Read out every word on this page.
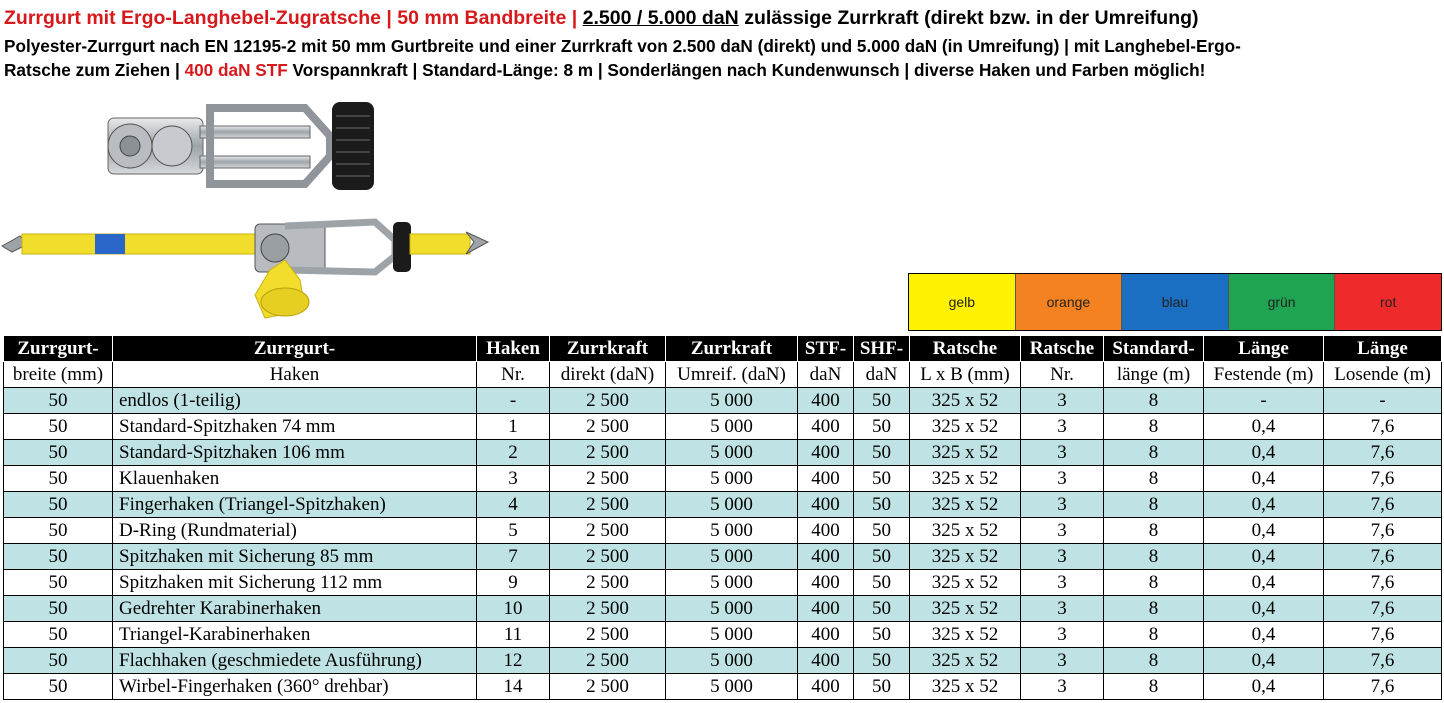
Zurrgurt mit Ergo-Langhebel-Zugratsche | 50 mm Bandbreite | 2.500 / 5.000 daN zulässige Zurrkraft (direkt bzw. in der Umreifung)
Polyester-Zurrgurt nach EN 12195-2 mit 50 mm Gurtbreite und einer Zurrkraft von 2.500 daN (direkt) und 5.000 daN (in Umreifung) | mit Langhebel-Ergo-
Ratsche zum Ziehen | 400 daN STF Vorspannkraft | Standard-Länge: 8 m | Sonderlängen nach Kundenwunsch | diverse Haken und Farben möglich!
gelb	orange	blau	grün	rot
Zurrgurt-	Zurrgurt-	Haken	Zurrkraft	Zurrkraft	STF-	SHF-	Ratsche	Ratsche	Standard-	Länge	Länge
breite (mm)	Haken	Nr.	direkt (daN)	Umreif. (daN)	daN	daN	L x B (mm)	Nr.	länge (m)	Festende (m)	Losende (m)
50	endlos (1-teilig)	-	2 500	5 000	400	50	325 x 52	3	8	-	-
50	Standard-Spitzhaken 74 mm	1	2 500	5 000	400	50	325 x 52	3	8	0,4	7,6
50	Standard-Spitzhaken 106 mm	2	2 500	5 000	400	50	325 x 52	3	8	0,4	7,6
50	Klauenhaken	3	2 500	5 000	400	50	325 x 52	3	8	0,4	7,6
50	Fingerhaken (Triangel-Spitzhaken)	4	2 500	5 000	400	50	325 x 52	3	8	0,4	7,6
50	D-Ring (Rundmaterial)	5	2 500	5 000	400	50	325 x 52	3	8	0,4	7,6
50	Spitzhaken mit Sicherung 85 mm	7	2 500	5 000	400	50	325 x 52	3	8	0,4	7,6
50	Spitzhaken mit Sicherung 112 mm	9	2 500	5 000	400	50	325 x 52	3	8	0,4	7,6
50	Gedrehter Karabinerhaken	10	2 500	5 000	400	50	325 x 52	3	8	0,4	7,6
50	Triangel-Karabinerhaken	11	2 500	5 000	400	50	325 x 52	3	8	0,4	7,6
50	Flachhaken (geschmiedete Ausführung)	12	2 500	5 000	400	50	325 x 52	3	8	0,4	7,6
50	Wirbel-Fingerhaken (360° drehbar)	14	2 500	5 000	400	50	325 x 52	3	8	0,4	7,6
